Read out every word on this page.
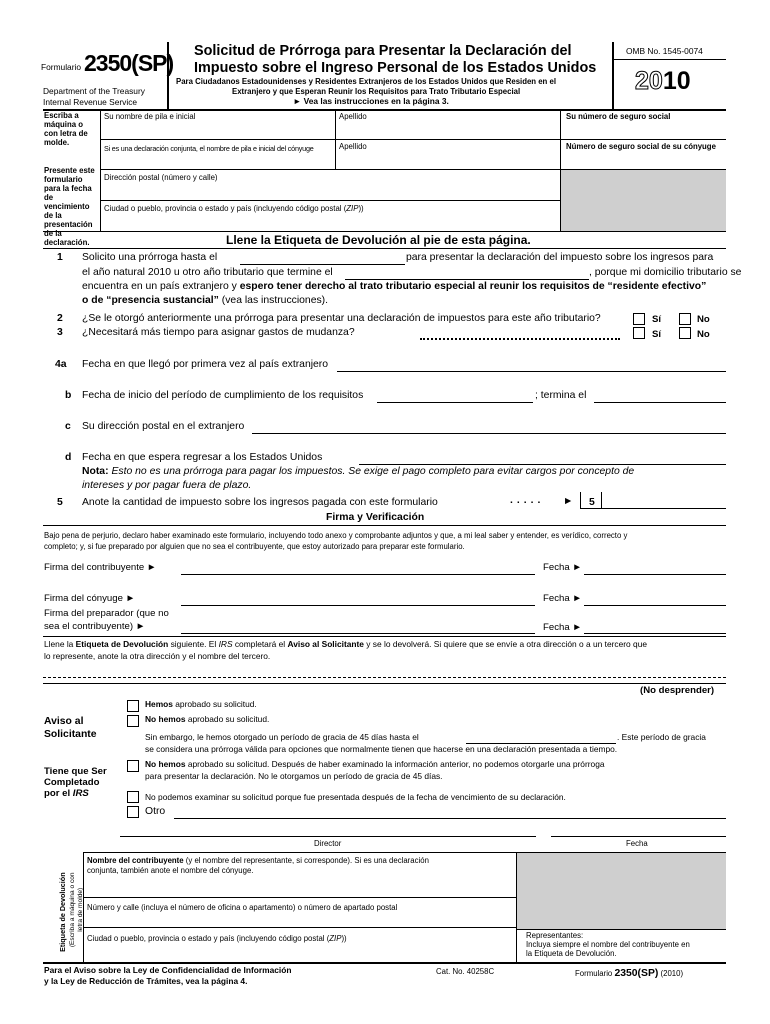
Formulario 2350(SP)
Department of the Treasury
Internal Revenue Service
Solicitud de Prórroga para Presentar la Declaración del
Impuesto sobre el Ingreso Personal de los Estados Unidos
Para Ciudadanos Estadounidenses y Residentes Extranjeros de los Estados Unidos que Residen en el
Extranjero y que Esperan Reunir los Requisitos para Trato Tributario Especial
► Vea las instrucciones en la página 3.
OMB No. 1545-0074
2010
Escriba a máquina o con letra de molde.
Presente este formulario para la fecha de vencimiento de la presentación de la declaración.
Su nombre de pila e inicial	Apellido	Su número de seguro social
Si es una declaración conjunta, el nombre de pila e inicial del cónyuge	Apellido	Número de seguro social de su cónyuge
Dirección postal (número y calle)
Ciudad o pueblo, provincia o estado y país (incluyendo código postal (ZIP))
Llene la Etiqueta de Devolución al pie de esta página.
1 Solicito una prórroga hasta el	para presentar la declaración del impuesto sobre los ingresos para
el año natural 2010 u otro año tributario que termine el	, porque mi domicilio tributario se
encuentra en un país extranjero y espero tener derecho al trato tributario especial al reunir los requisitos de “residente efectivo”
o de “presencia sustancial” (vea las instrucciones).
2 ¿Se le otorgó anteriormente una prórroga para presentar una declaración de impuestos para este año tributario?	Sí	No
3 ¿Necesitará más tiempo para asignar gastos de mudanza?	Sí	No
4a Fecha en que llegó por primera vez al país extranjero
b Fecha de inicio del período de cumplimiento de los requisitos	; termina el
c Su dirección postal en el extranjero
d Fecha en que espera regresar a los Estados Unidos
Nota: Esto no es una prórroga para pagar los impuestos. Se exige el pago completo para evitar cargos por concepto de
intereses y por pagar fuera de plazo.
5 Anote la cantidad de impuesto sobre los ingresos pagada con este formulario	..... ► 5
Firma y Verificación
Bajo pena de perjurio, declaro haber examinado este formulario, incluyendo todo anexo y comprobante adjuntos y que, a mi leal saber y entender, es verídico, correcto y
completo; y, si fue preparado por alguien que no sea el contribuyente, que estoy autorizado para preparar este formulario.
Firma del contribuyente ►	Fecha ►
Firma del cónyuge ►	Fecha ►
Firma del preparador (que no
sea el contribuyente) ►	Fecha ►
Llene la Etiqueta de Devolución siguiente. El IRS completará el Aviso al Solicitante y se lo devolverá. Si quiere que se envíe a otra dirección o a un tercero que
lo represente, anote la otra dirección y el nombre del tercero.
(No desprender)
Aviso al
Solicitante
Tiene que Ser
Completado
por el IRS
Hemos aprobado su solicitud.
No hemos aprobado su solicitud.
Sin embargo, le hemos otorgado un período de gracia de 45 días hasta el	. Este período de gracia
se considera una prórroga válida para opciones que normalmente tienen que hacerse en una declaración presentada a tiempo.
No hemos aprobado su solicitud. Después de haber examinado la información anterior, no podemos otorgarle una prórroga
para presentar la declaración. No le otorgamos un período de gracia de 45 días.
No podemos examinar su solicitud porque fue presentada después de la fecha de vencimiento de su declaración.
Otro
Director	Fecha
Etiqueta de Devolución (Escriba a máquina o con letra de molde)
Nombre del contribuyente (y el nombre del representante, si corresponde). Si es una declaración
conjunta, también anote el nombre del cónyuge.
Número y calle (incluya el número de oficina o apartamento) o número de apartado postal
Ciudad o pueblo, provincia o estado y país (incluyendo código postal (ZIP))	Representantes:
Incluya siempre el nombre del contribuyente en
la Etiqueta de Devolución.
Para el Aviso sobre la Ley de Confidencialidad de Información
y la Ley de Reducción de Trámites, vea la página 4.
Cat. No. 40258C	Formulario 2350(SP) (2010)
